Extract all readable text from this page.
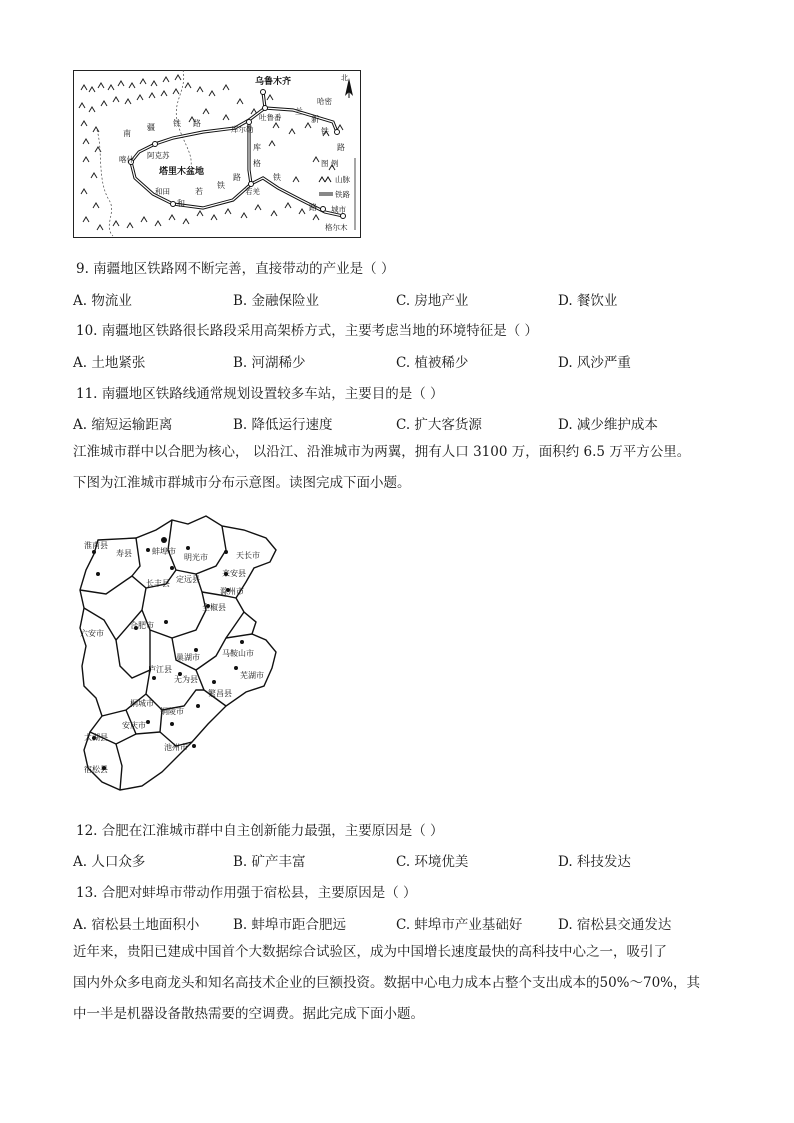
乌鲁木齐
吐鲁番
哈密
库尔勒
阿克苏
喀什
和田	若羌
格尔木
塔里木盆地
南
疆 铁 路
兰
新
铁
路
库
格
路
和
若
铁
铁
路
北
图 例
山脉
铁路
城市
9. 南疆地区铁路网不断完善，直接带动的产业是（ ）
A. 物流业	B. 金融保险业	C. 房地产业	D. 餐饮业
10. 南疆地区铁路很长路段采用高架桥方式，主要考虑当地的环境特征是（ ）
A. 土地紧张	B. 河湖稀少	C. 植被稀少	D. 风沙严重
11. 南疆地区铁路线通常规划设置较多车站，主要目的是（ ）
A. 缩短运输距离	B. 降低运行速度	C. 扩大客货源	D. 减少维护成本
江淮城市群中以合肥为核心， 以沿江、沿淮城市为两翼，拥有人口 3100 万，面积约 6.5 万平方公里。
下图为江淮城市群城市分布示意图。读图完成下面小题。
淮南县
蚌埠市
明光市	天长市
寿县
长丰县 定远县
来安县
滁州市
全椒县
六安市
合肥市
巢湖市	马鞍山市
庐江县
无为县	芜湖市
桐城市
繁昌县
安庆市
铜陵市
太湖县
池州市
宿松县
12. 合肥在江淮城市群中自主创新能力最强，主要原因是（ ）
A. 人口众多	B. 矿产丰富	C. 环境优美	D. 科技发达
13. 合肥对蚌埠市带动作用强于宿松县，主要原因是（ ）
A. 宿松县土地面积小 B. 蚌埠市距合肥远	C. 蚌埠市产业基础好	D. 宿松县交通发达
近年来，贵阳已建成中国首个大数据综合试验区，成为中国增长速度最快的高科技中心之一，吸引了
国内外众多电商龙头和知名高技术企业的巨额投资。数据中心电力成本占整个支出成本的50%～70%，其
中一半是机器设备散热需要的空调费。据此完成下面小题。
